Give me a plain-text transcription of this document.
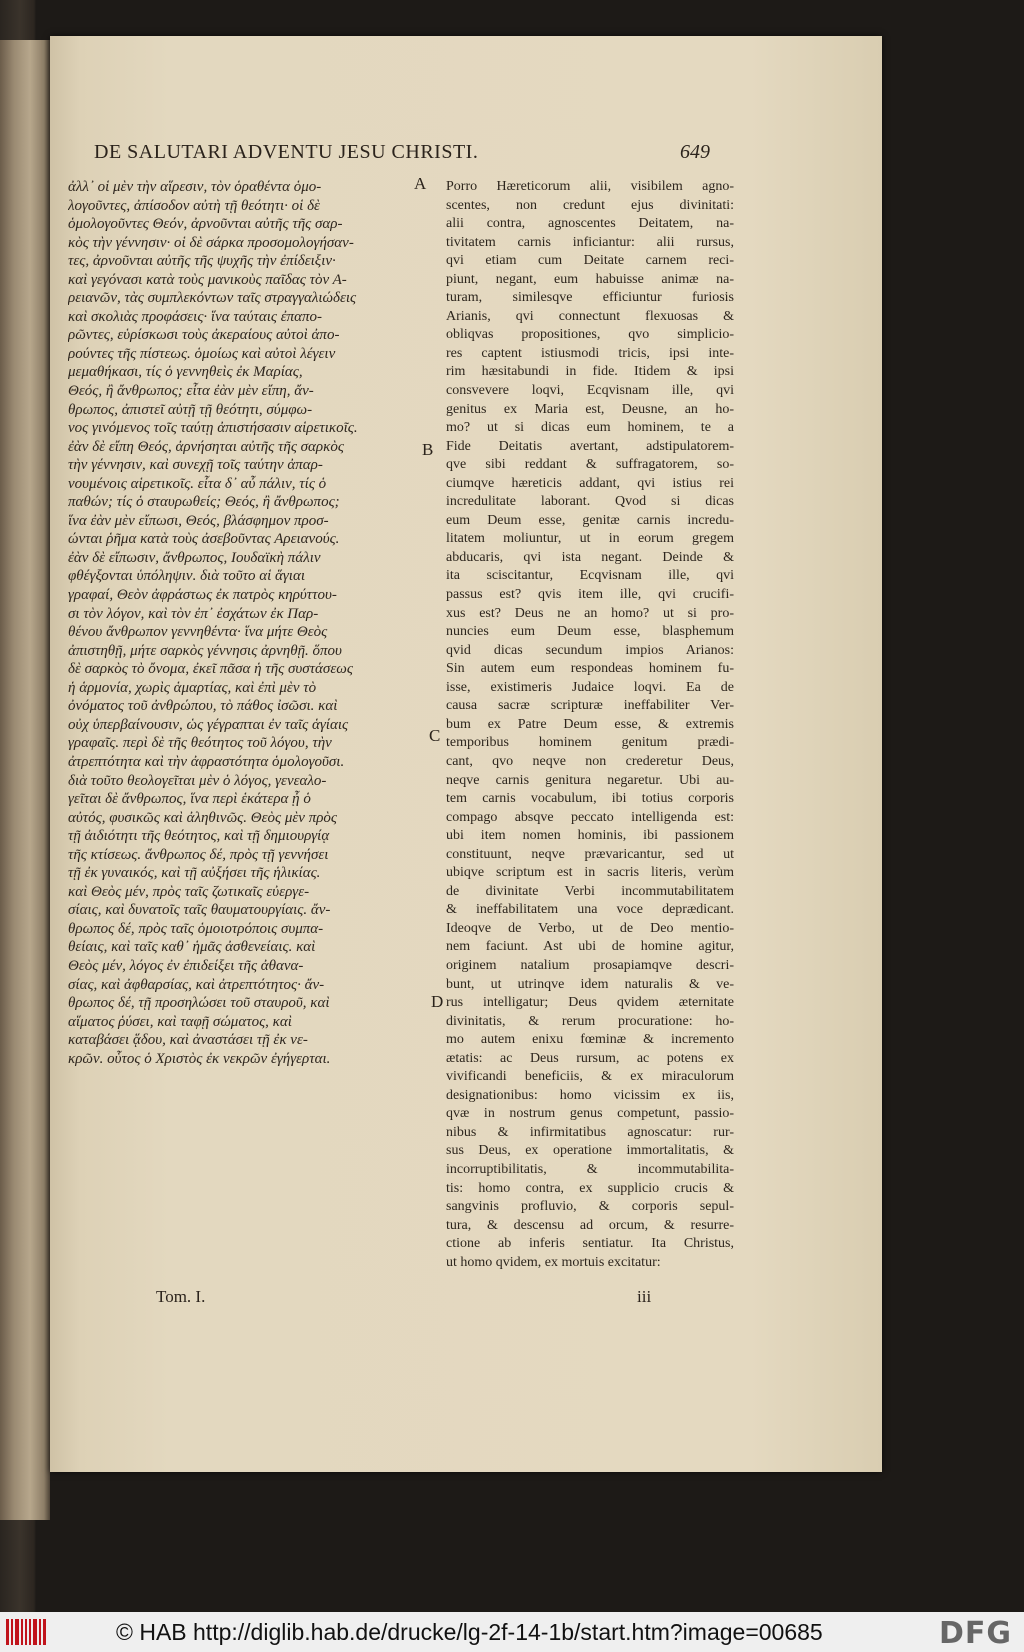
DE SALUTARI ADVENTU JESU CHRISTI.	649
ἀλλ᾽ οἱ μὲν τὴν αἵρεσιν, τὸν ὁραθέντα ὁμο-
λογοῦντες, ἀπίσοδον αὐτὴ τῇ θεότητι· οἱ δὲ
ὁμολογοῦντες Θεόν, ἀρνοῦνται αὐτῆς τῆς σαρ-
κὸς τὴν γέννησιν· οἱ δὲ σάρκα προσομολογήσαν-
τες, ἀρνοῦνται αὐτῆς τῆς ψυχῆς τὴν ἐπίδειξιν·
καὶ γεγόνασι κατὰ τοὺς μανικοὺς παῖδας τὸν Α-
ρειανῶν, τὰς συμπλεκόντων ταῖς στραγγαλιώδεις
καὶ σκολιὰς προφάσεις· ἵνα ταύταις ἐπαπο-
ρῶντες, εὑρίσκωσι τοὺς ἀκεραίους αὐτοὶ ἀπο-
ρούντες τῆς πίστεως. ὁμοίως καὶ αὐτοὶ λέγειν
μεμαθήκασι, τίς ὁ γεννηθεὶς ἐκ Μαρίας,
Θεός, ἢ ἄνθρωπος; εἶτα ἐὰν μὲν εἴπη, ἄν-
θρωπος, ἀπιστεῖ αὐτῇ τῇ θεότητι, σύμφω-
νος γινόμενος τοῖς ταύτῃ ἀπιστήσασιν αἱρετικοῖς.
ἐὰν δὲ εἴπη Θεός, ἀρνήσηται αὐτῆς τῆς σαρκὸς
τὴν γέννησιν, καὶ συνεχῇ τοῖς ταύτην ἀπαρ-
νουμένοις αἱρετικοῖς. εἶτα δ᾽ αὖ πάλιν, τίς ὁ
παθών; τίς ὁ σταυρωθείς; Θεός, ἢ ἄνθρωπος;
ἵνα ἐὰν μὲν εἴπωσι, Θεός, βλάσφημον προσ-
ώνται ῥῆμα κατὰ τοὺς ἀσεβοῦντας Αρειανούς.
ἐὰν δὲ εἴπωσιν, ἄνθρωπος, Ιουδαϊκὴ πάλιν
φθέγξονται ὑπόληψιν. διὰ τοῦτο αἱ ἅγιαι
γραφαί, Θεὸν ἀφράστως ἐκ πατρὸς κηρύττου-
σι τὸν λόγον, καὶ τὸν ἐπ᾽ ἐσχάτων ἐκ Παρ-
θένου ἄνθρωπον γεννηθέντα· ἵνα μήτε Θεὸς
ἀπιστηθῇ, μήτε σαρκὸς γέννησις ἀρνηθῇ. ὅπου
δὲ σαρκὸς τὸ ὄνομα, ἐκεῖ πᾶσα ἡ τῆς συστάσεως
ἡ ἁρμονία, χωρὶς ἁμαρτίας, καὶ ἐπὶ μὲν τὸ
ὀνόματος τοῦ ἀνθρώπου, τὸ πάθος ἰσῶσι. καὶ
οὐχ ὑπερβαίνουσιν, ὡς γέγραπται ἐν ταῖς ἁγίαις
γραφαῖς. περὶ δὲ τῆς θεότητος τοῦ λόγου, τὴν
ἀτρεπτότητα καὶ τὴν ἀφραστότητα ὁμολογοῦσι.
διὰ τοῦτο θεολογεῖται μὲν ὁ λόγος, γενεαλο-
γεῖται δὲ ἄνθρωπος, ἵνα περὶ ἑκάτερα ᾖ ὁ
αὐτός, φυσικῶς καὶ ἀληθινῶς. Θεὸς μὲν πρὸς
τῇ ἀιδιότητι τῆς θεότητος, καὶ τῇ δημιουργίᾳ
τῆς κτίσεως. ἄνθρωπος δέ, πρὸς τῇ γεννήσει
τῇ ἐκ γυναικός, καὶ τῇ αὐξήσει τῆς ἡλικίας.
καὶ Θεὸς μέν, πρὸς ταῖς ζωτικαῖς εὐεργε-
σίαις, καὶ δυνατοῖς ταῖς θαυματουργίαις. ἄν-
θρωπος δέ, πρὸς ταῖς ὁμοιοτρόποις συμπα-
θείαις, καὶ ταῖς καθ᾽ ἡμᾶς ἀσθενείαις. καὶ
Θεὸς μέν, λόγος ἐν ἐπιδείξει τῆς ἀθανα-
σίας, καὶ ἀφθαρσίας, καὶ ἀτρεπτότητος· ἄν-
θρωπος δέ, τῇ προσηλώσει τοῦ σταυροῦ, καὶ
αἵματος ῥύσει, καὶ ταφῇ σώματος, καὶ
καταβάσει ᾅδου, καὶ ἀναστάσει τῇ ἐκ νε-
κρῶν. οὗτος ὁ Χριστὸς ἐκ νεκρῶν ἐγήγερται.
Porro Hæreticorum alii, visibilem agno-
scentes, non credunt ejus divinitati:
alii contra, agnoscentes Deitatem, na-
tivitatem carnis inficiantur: alii rursus,
qvi etiam cum Deitate carnem reci-
piunt, negant, eum habuisse animæ na-
turam, similesqve efficiuntur furiosis
Arianis, qvi connectunt flexuosas &
obliqvas propositiones, qvo simplicio-
res captent istiusmodi tricis, ipsi inte-
rim hæsitabundi in fide. Itidem & ipsi
consvevere loqvi, Ecqvisnam ille, qvi
genitus ex Maria est, Deusne, an ho-
mo? ut si dicas eum hominem, te a
Fide Deitatis avertant, adstipulatorem-
qve sibi reddant & suffragatorem, so-
ciumqve hæreticis addant, qvi istius rei
incredulitate laborant. Qvod si dicas
eum Deum esse, genitæ carnis incredu-
litatem moliuntur, ut in eorum gregem
abducaris, qvi ista negant. Deinde &
ita sciscitantur, Ecqvisnam ille, qvi
passus est? qvis item ille, qvi crucifi-
xus est? Deus ne an homo? ut si pro-
nuncies eum Deum esse, blasphemum
qvid dicas secundum impios Arianos:
Sin autem eum respondeas hominem fu-
isse, existimeris Judaice loqvi. Ea de
causa sacræ scripturæ ineffabiliter Ver-
bum ex Patre Deum esse, & extremis
temporibus hominem genitum prædi-
cant, qvo neqve non crederetur Deus,
neqve carnis genitura negaretur. Ubi au-
tem carnis vocabulum, ibi totius corporis
compago absqve peccato intelligenda est:
ubi item nomen hominis, ibi passionem
constituunt, neqve prævaricantur, sed ut
ubiqve scriptum est in sacris literis, verùm
de divinitate Verbi incommutabilitatem
& ineffabilitatem una voce deprædicant.
Ideoqve de Verbo, ut de Deo mentio-
nem faciunt. Ast ubi de homine agitur,
originem natalium prosapiamqve descri-
bunt, ut utrinqve idem naturalis & ve-
rus intelligatur; Deus qvidem æternitate
divinitatis, & rerum procuratione: ho-
mo autem enixu fœminæ & incremento
ætatis: ac Deus rursum, ac potens ex
vivificandi beneficiis, & ex miraculorum
designationibus: homo vicissim ex iis,
qvæ in nostrum genus competunt, passio-
nibus & infirmitatibus agnoscatur: rur-
sus Deus, ex operatione immortalitatis, &
incorruptibilitatis, & incommutabilita-
tis: homo contra, ex supplicio crucis &
sangvinis profluvio, & corporis sepul-
tura, & descensu ad orcum, & resurre-
ctione ab inferis sentiatur. Ita Christus,
ut homo qvidem, ex mortuis excitatur:
A
B
C
D
Tom. I.	iii
© HAB http://diglib.hab.de/drucke/lg-2f-14-1b/start.htm?image=00685	DFG
